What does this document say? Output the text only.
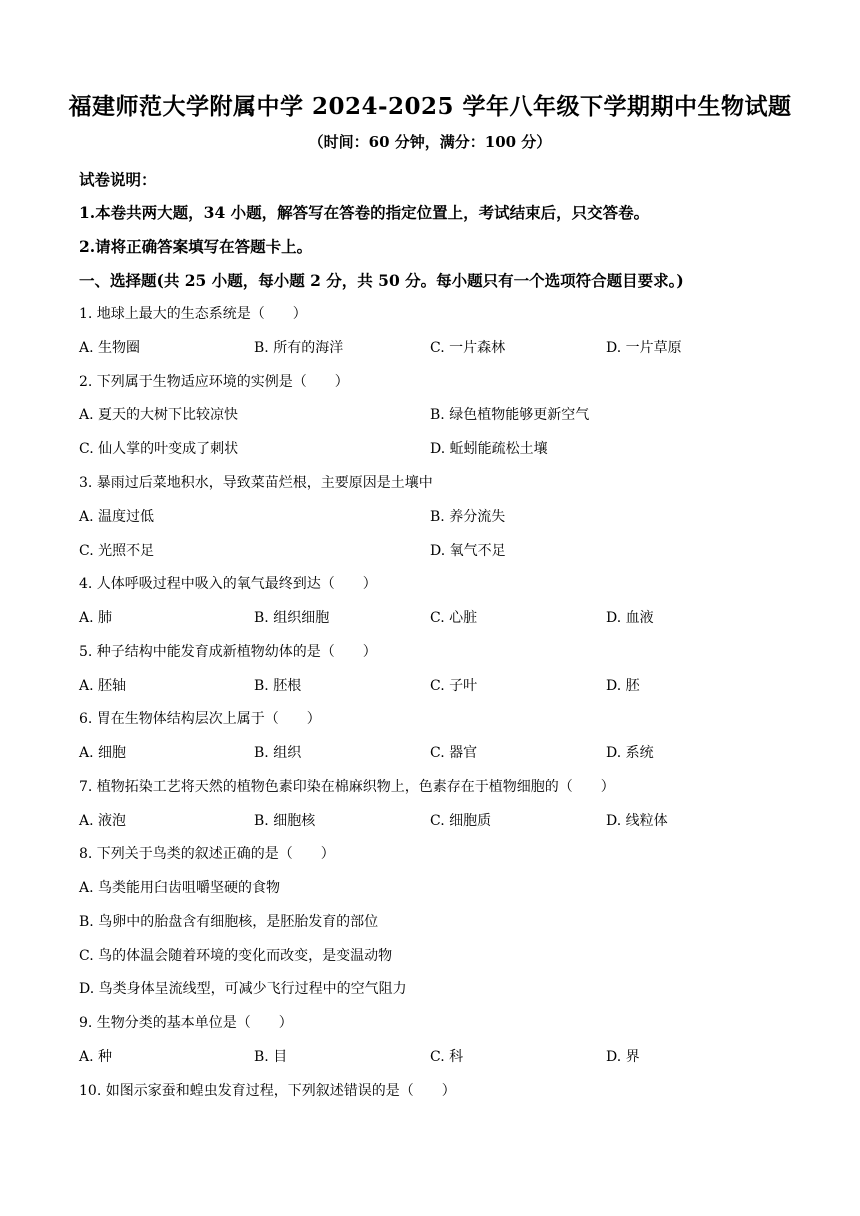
福建师范大学附属中学 2024-2025 学年八年级下学期期中生物试题
（时间：60 分钟，满分：100 分）
试卷说明：
1.本卷共两大题，34 小题，解答写在答卷的指定位置上，考试结束后，只交答卷。
2.请将正确答案填写在答题卡上。
一、选择题(共 25 小题，每小题 2 分，共 50 分。每小题只有一个选项符合题目要求。)
1. 地球上最大的生态系统是（　　）
A. 生物圈	B. 所有的海洋	C. 一片森林	D. 一片草原
2. 下列属于生物适应环境的实例是（　　）
A. 夏天的大树下比较凉快	B. 绿色植物能够更新空气
C. 仙人掌的叶变成了刺状	D. 蚯蚓能疏松土壤
3. 暴雨过后菜地积水，导致菜苗烂根，主要原因是土壤中
A. 温度过低	B. 养分流失
C. 光照不足	D. 氧气不足
4. 人体呼吸过程中吸入的氧气最终到达（　　）
A. 肺	B. 组织细胞	C. 心脏	D. 血液
5. 种子结构中能发育成新植物幼体的是（　　）
A. 胚轴	B. 胚根	C. 子叶	D. 胚
6. 胃在生物体结构层次上属于（　　）
A. 细胞	B. 组织	C. 器官	D. 系统
7. 植物拓染工艺将天然的植物色素印染在棉麻织物上，色素存在于植物细胞的（　　）
A. 液泡	B. 细胞核	C. 细胞质	D. 线粒体
8. 下列关于鸟类的叙述正确的是（　　）
A. 鸟类能用臼齿咀嚼坚硬的食物
B. 鸟卵中的胎盘含有细胞核，是胚胎发育的部位
C. 鸟的体温会随着环境的变化而改变，是变温动物
D. 鸟类身体呈流线型，可减少飞行过程中的空气阻力
9. 生物分类的基本单位是（　　）
A. 种	B. 目	C. 科	D. 界
10. 如图示家蚕和蝗虫发育过程，下列叙述错误的是（　　）
